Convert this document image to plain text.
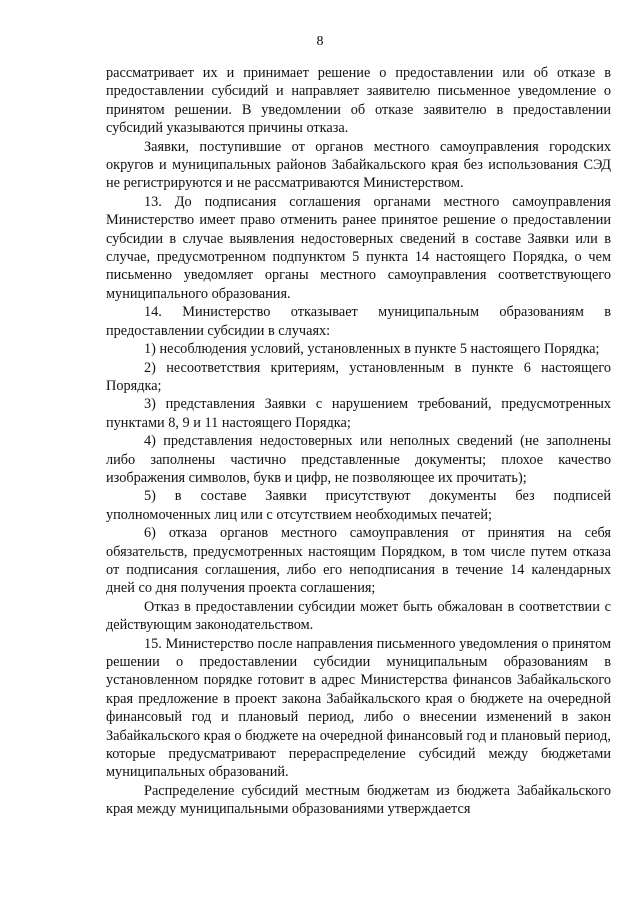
8

рассматривает их и принимает решение о предоставлении или об отказе в предоставлении субсидий и направляет заявителю письменное уведомление о принятом решении. В уведомлении об отказе заявителю в предоставлении субсидий указываются причины отказа.

Заявки, поступившие от органов местного самоуправления городских округов и муниципальных районов Забайкальского края без использования СЭД не регистрируются и не рассматриваются Министерством.

13. До подписания соглашения органами местного самоуправления Министерство имеет право отменить ранее принятое решение о предоставлении субсидии в случае выявления недостоверных сведений в составе Заявки или в случае, предусмотренном подпунктом 5 пункта 14 настоящего Порядка, о чем письменно уведомляет органы местного самоуправления соответствующего муниципального образования.

14. Министерство отказывает муниципальным образованиям в предоставлении субсидии в случаях:

1) несоблюдения условий, установленных в пункте 5 настоящего Порядка;

2) несоответствия критериям, установленным в пункте 6 настоящего Порядка;

3) представления Заявки с нарушением требований, предусмотренных пунктами 8, 9 и 11 настоящего Порядка;

4) представления недостоверных или неполных сведений (не заполнены либо заполнены частично представленные документы; плохое качество изображения символов, букв и цифр, не позволяющее их прочитать);

5) в составе Заявки присутствуют документы без подписей уполномоченных лиц или с отсутствием необходимых печатей;

6) отказа органов местного самоуправления от принятия на себя обязательств, предусмотренных настоящим Порядком, в том числе путем отказа от подписания соглашения, либо его неподписания в течение 14 календарных дней со дня получения проекта соглашения;

Отказ в предоставлении субсидии может быть обжалован в соответствии с действующим законодательством.

15. Министерство после направления письменного уведомления о принятом решении о предоставлении субсидии муниципальным образованиям в установленном порядке готовит в адрес Министерства финансов Забайкальского края предложение в проект закона Забайкальского края о бюджете на очередной финансовый год и плановый период, либо о внесении изменений в закон Забайкальского края о бюджете на очередной финансовый год и плановый период, которые предусматривают перераспределение субсидий между бюджетами муниципальных образований.

Распределение субсидий местным бюджетам из бюджета Забайкальского края между муниципальными образованиями утверждается
